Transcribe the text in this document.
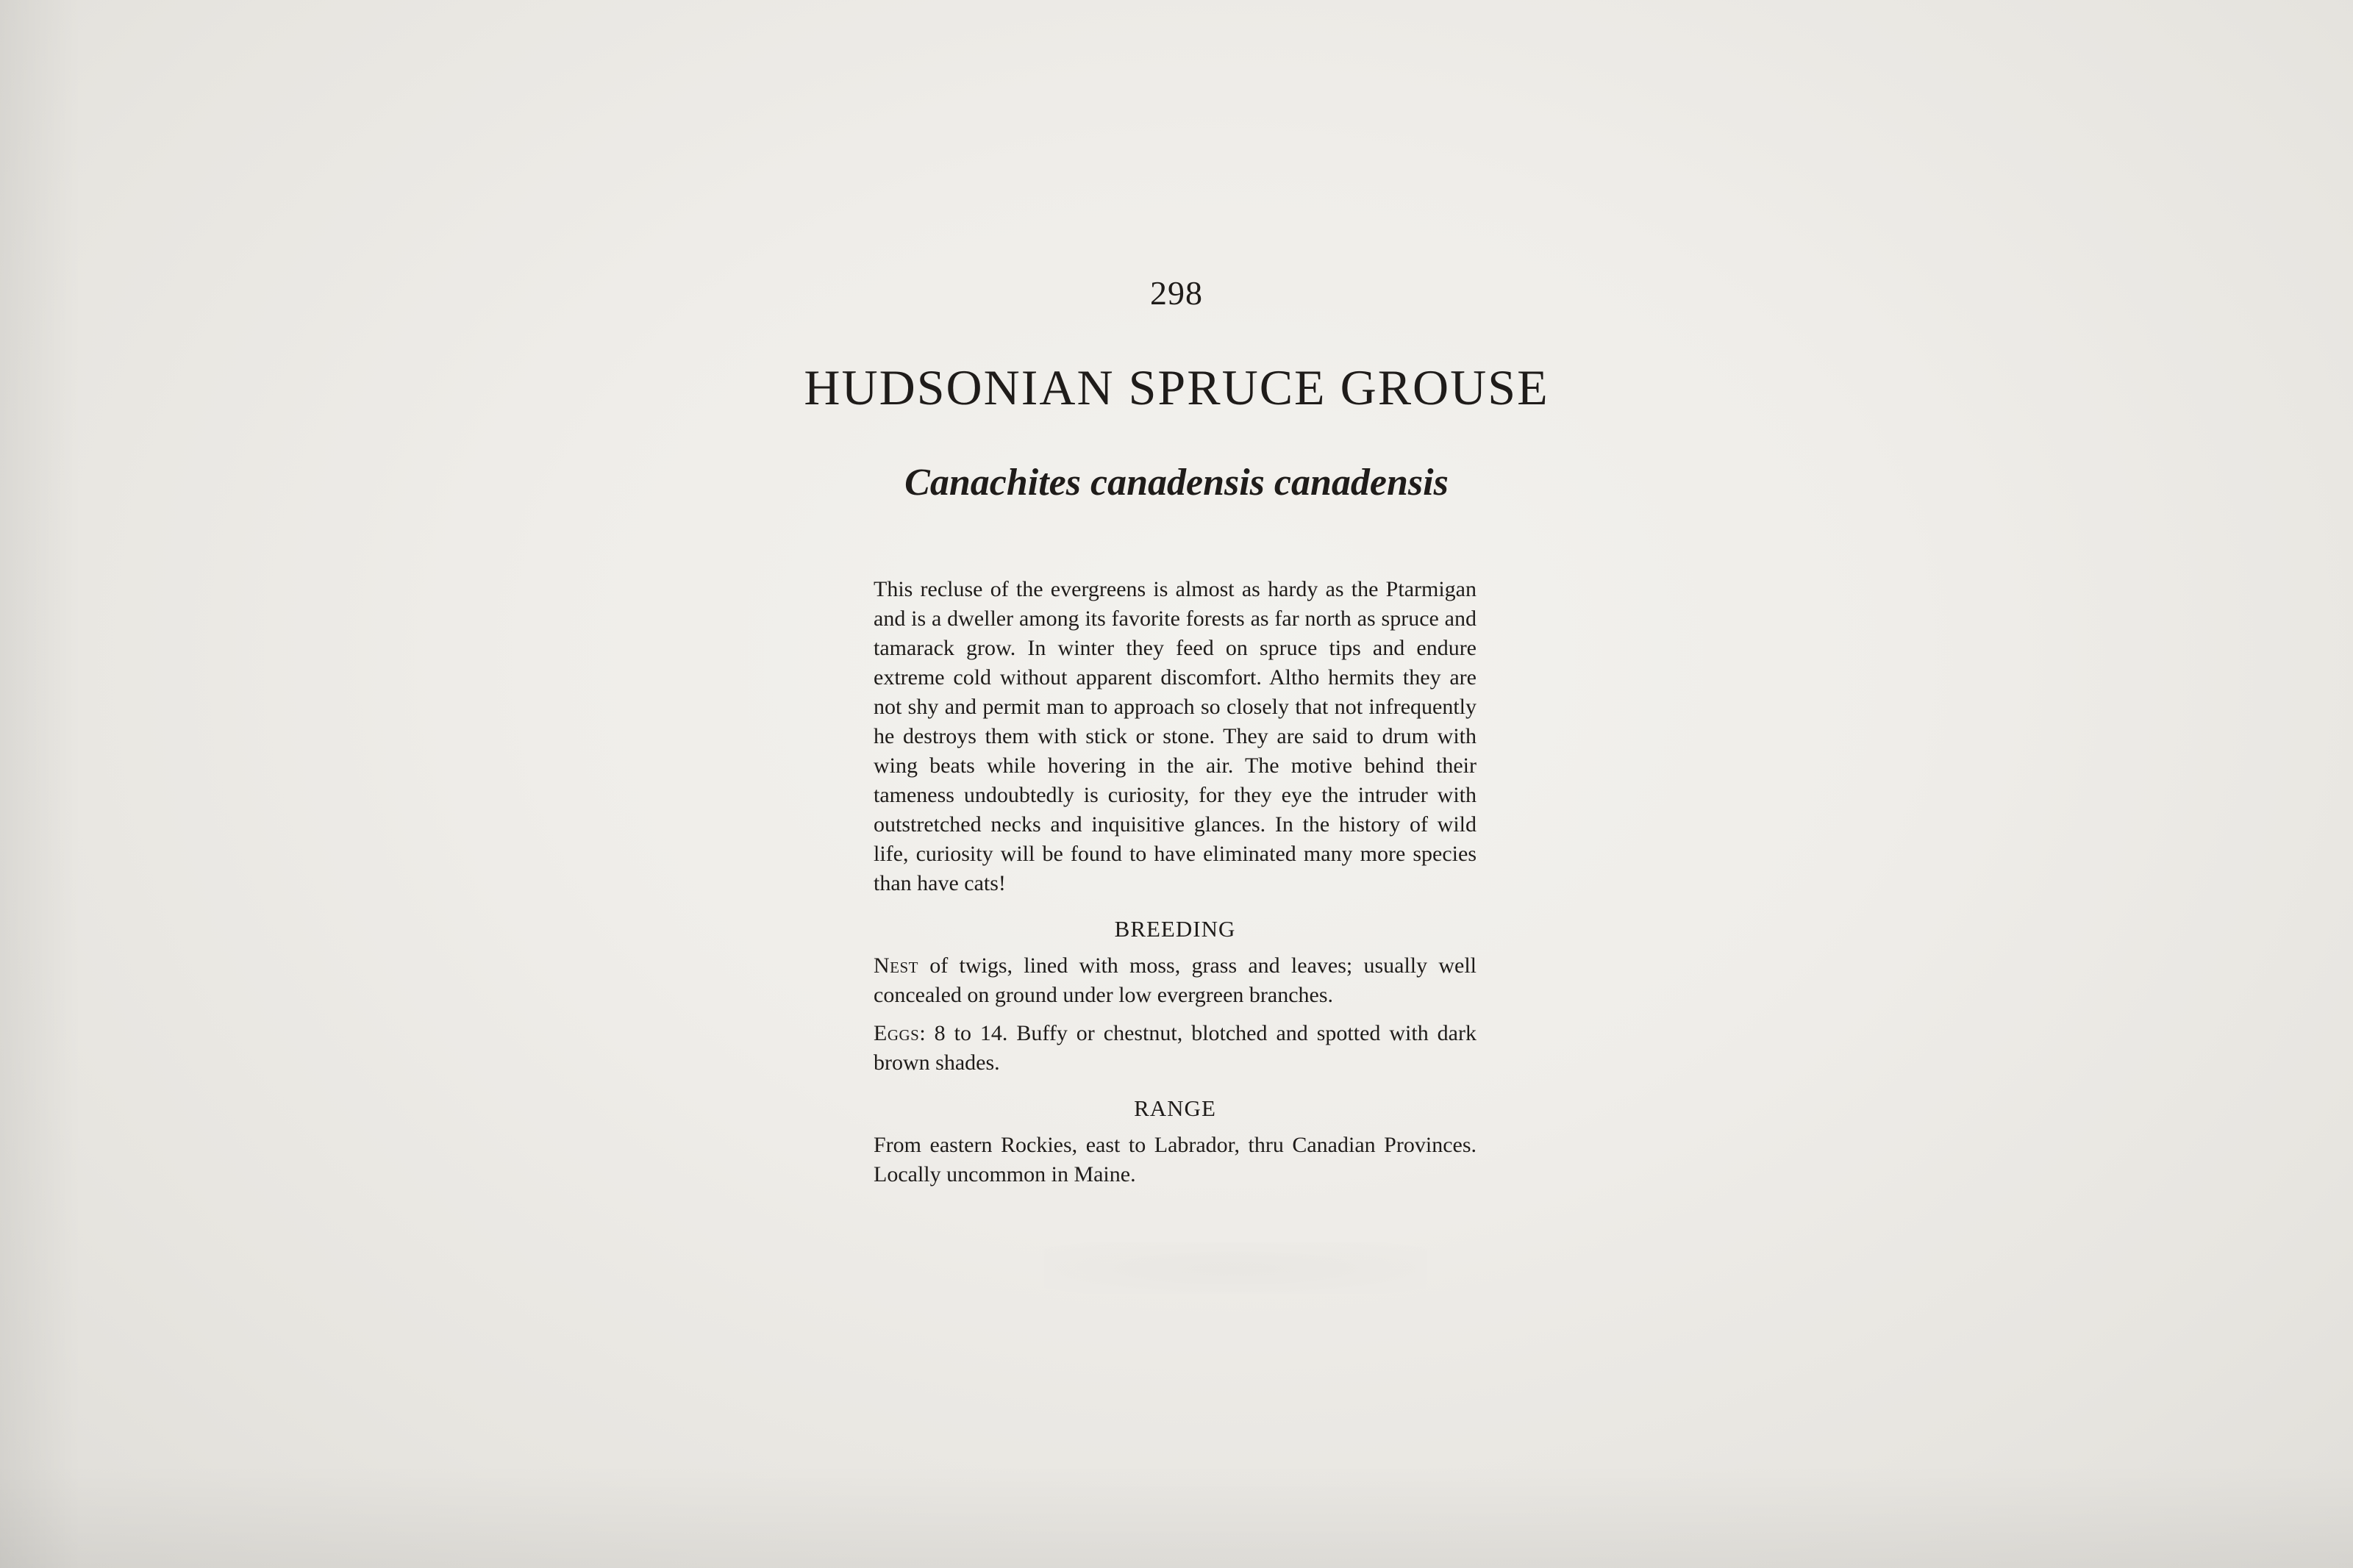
298
HUDSONIAN SPRUCE GROUSE
Canachites canadensis canadensis

This recluse of the evergreens is almost as hardy as the Ptarmigan and is a dweller among its favorite forests as far north as spruce and tamarack grow. In winter they feed on spruce tips and endure extreme cold without apparent discomfort. Altho hermits they are not shy and permit man to approach so closely that not infrequently he destroys them with stick or stone. They are said to drum with wing beats while hovering in the air. The motive behind their tameness undoubtedly is curiosity, for they eye the intruder with outstretched necks and inquisitive glances. In the history of wild life, curiosity will be found to have eliminated many more species than have cats!

BREEDING

Nest of twigs, lined with moss, grass and leaves; usually well concealed on ground under low evergreen branches.

Eggs: 8 to 14. Buffy or chestnut, blotched and spotted with dark brown shades.

RANGE

From eastern Rockies, east to Labrador, thru Canadian Provinces. Locally uncommon in Maine.
